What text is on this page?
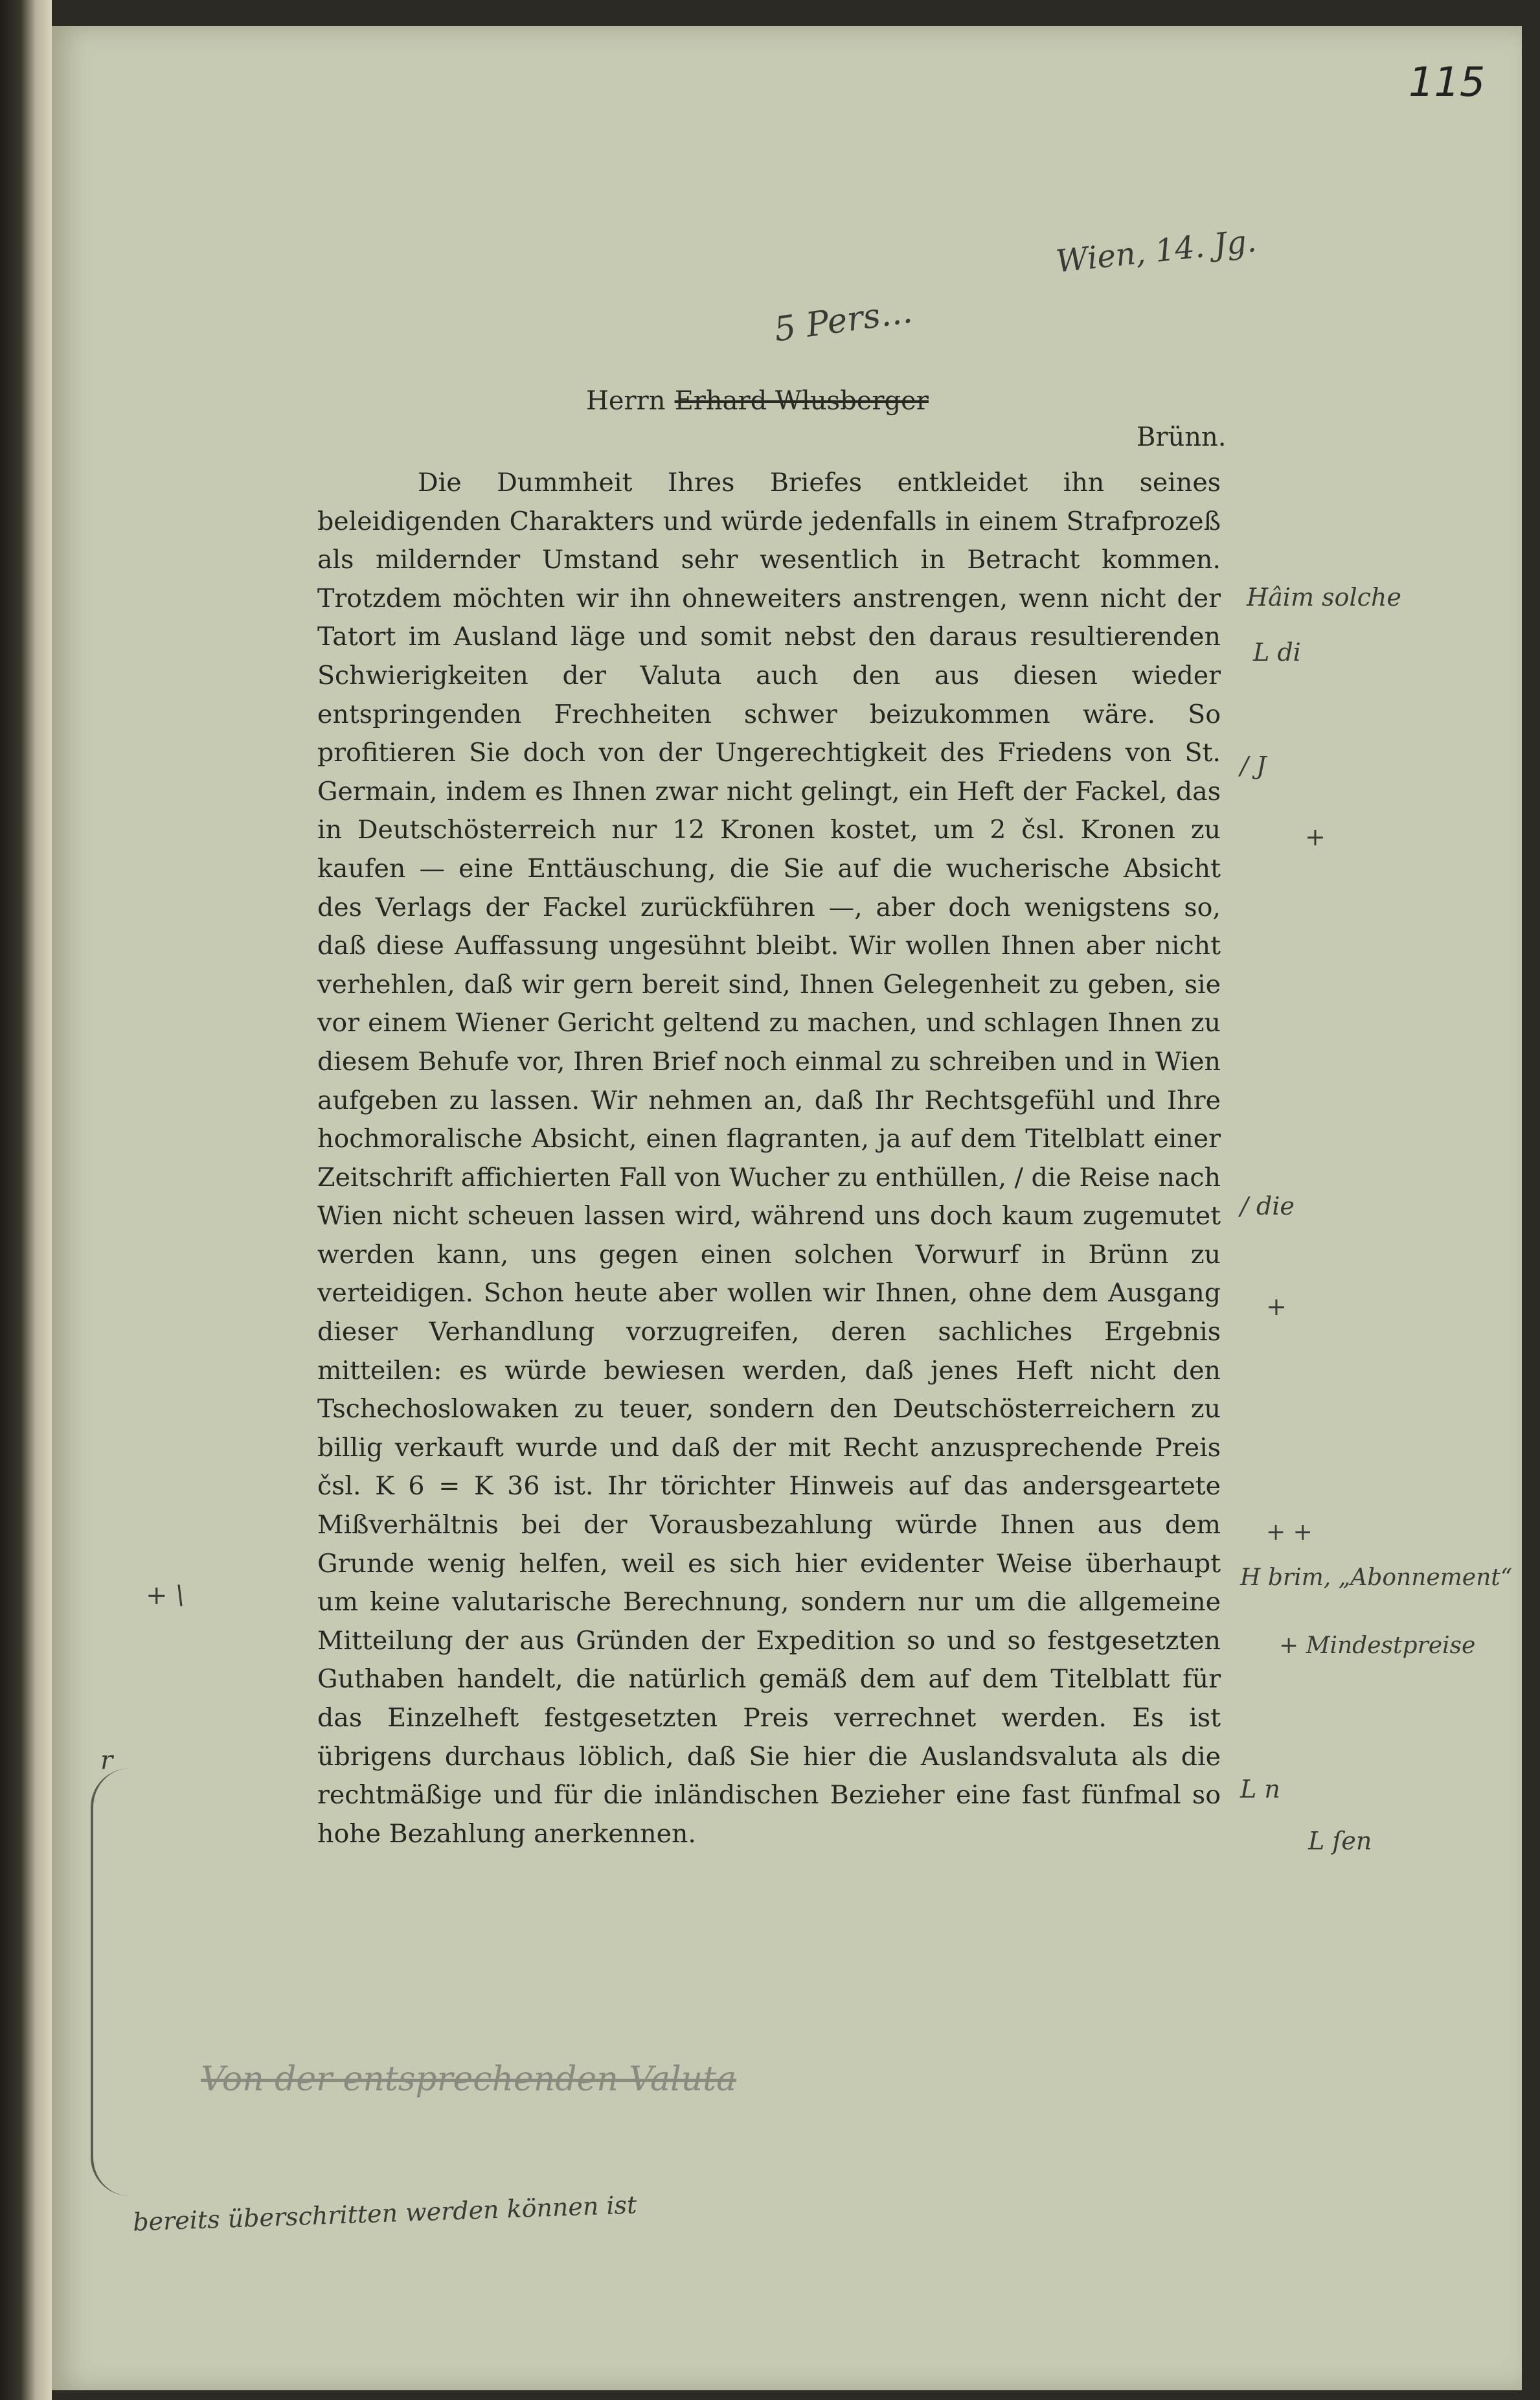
115
Wien, 14. Jg.
5 Pers...
Herrn Erhard Wlusberger
Brünn.
Die Dummheit Ihres Briefes entkleidet ihn seines beleidigenden Charakters und würde jedenfalls in einem Strafprozeß als mildernder Umstand sehr wesentlich in Betracht kommen. Trotzdem möchten wir ihn ohneweiters anstrengen, wenn nicht der Tatort im Ausland läge und somit nebst den daraus resultierenden Schwierigkeiten der Valuta auch den aus diesen wieder entspringenden Frechheiten schwer beizukommen wäre. So profitieren Sie doch von der Ungerechtigkeit des Friedens von St. Germain, indem es Ihnen zwar nicht gelingt, ein Heft der Fackel, das in Deutschösterreich nur 12 Kronen kostet, um 2 čsl. Kronen zu kaufen — eine Enttäuschung, die Sie auf die wucherische Absicht des Verlags der Fackel zurückführen —, aber doch wenigstens so, daß diese Auffassung ungesühnt bleibt. Wir wollen Ihnen aber nicht verhehlen, daß wir gern bereit sind, Ihnen Gelegenheit zu geben, sie vor einem Wiener Gericht geltend zu machen, und schlagen Ihnen zu diesem Behufe vor, Ihren Brief noch einmal zu schreiben und in Wien aufgeben zu lassen. Wir nehmen an, daß Ihr Rechtsgefühl und Ihre hochmoralische Absicht, einen flagranten, ja auf dem Titelblatt einer Zeitschrift affichierten Fall von Wucher zu enthüllen, / die Reise nach Wien nicht scheuen lassen wird, während uns doch kaum zugemutet werden kann, uns gegen einen solchen Vorwurf in Brünn zu verteidigen. Schon heute aber wollen wir Ihnen, ohne dem Ausgang dieser Verhandlung vorzugreifen, deren sachliches Ergebnis mitteilen: es würde bewiesen werden, daß jenes Heft nicht den Tschechoslowaken zu teuer, sondern den Deutschösterreichern zu billig verkauft wurde und daß der mit Recht anzusprechende Preis čsl. K 6 = K 36 ist. Ihr törichter Hinweis auf das andersgeartete Mißverhältnis bei der Vorausbezahlung würde Ihnen aus dem Grunde wenig helfen, weil es sich hier evidenter Weise überhaupt um keine valutarische Berechnung, sondern nur um die allgemeine Mitteilung der aus Gründen der Expedition so und so festgesetzten Guthaben handelt, die natürlich gemäß dem auf dem Titelblatt für das Einzelheft festgesetzten Preis verrechnet werden. Es ist übrigens durchaus löblich, daß Sie hier die Auslandsvaluta als die rechtmäßige und für die inländischen Bezieher eine fast fünfmal so hohe Bezahlung anerkennen.
Hâim solche
L di
/ J
+
/ die
+
+ +
+ \
H brim, „Abonnement“
+ Mindestpreise
L n
L ſen
r
Von der entsprechenden Valuta
bereits überschritten werden können ist
